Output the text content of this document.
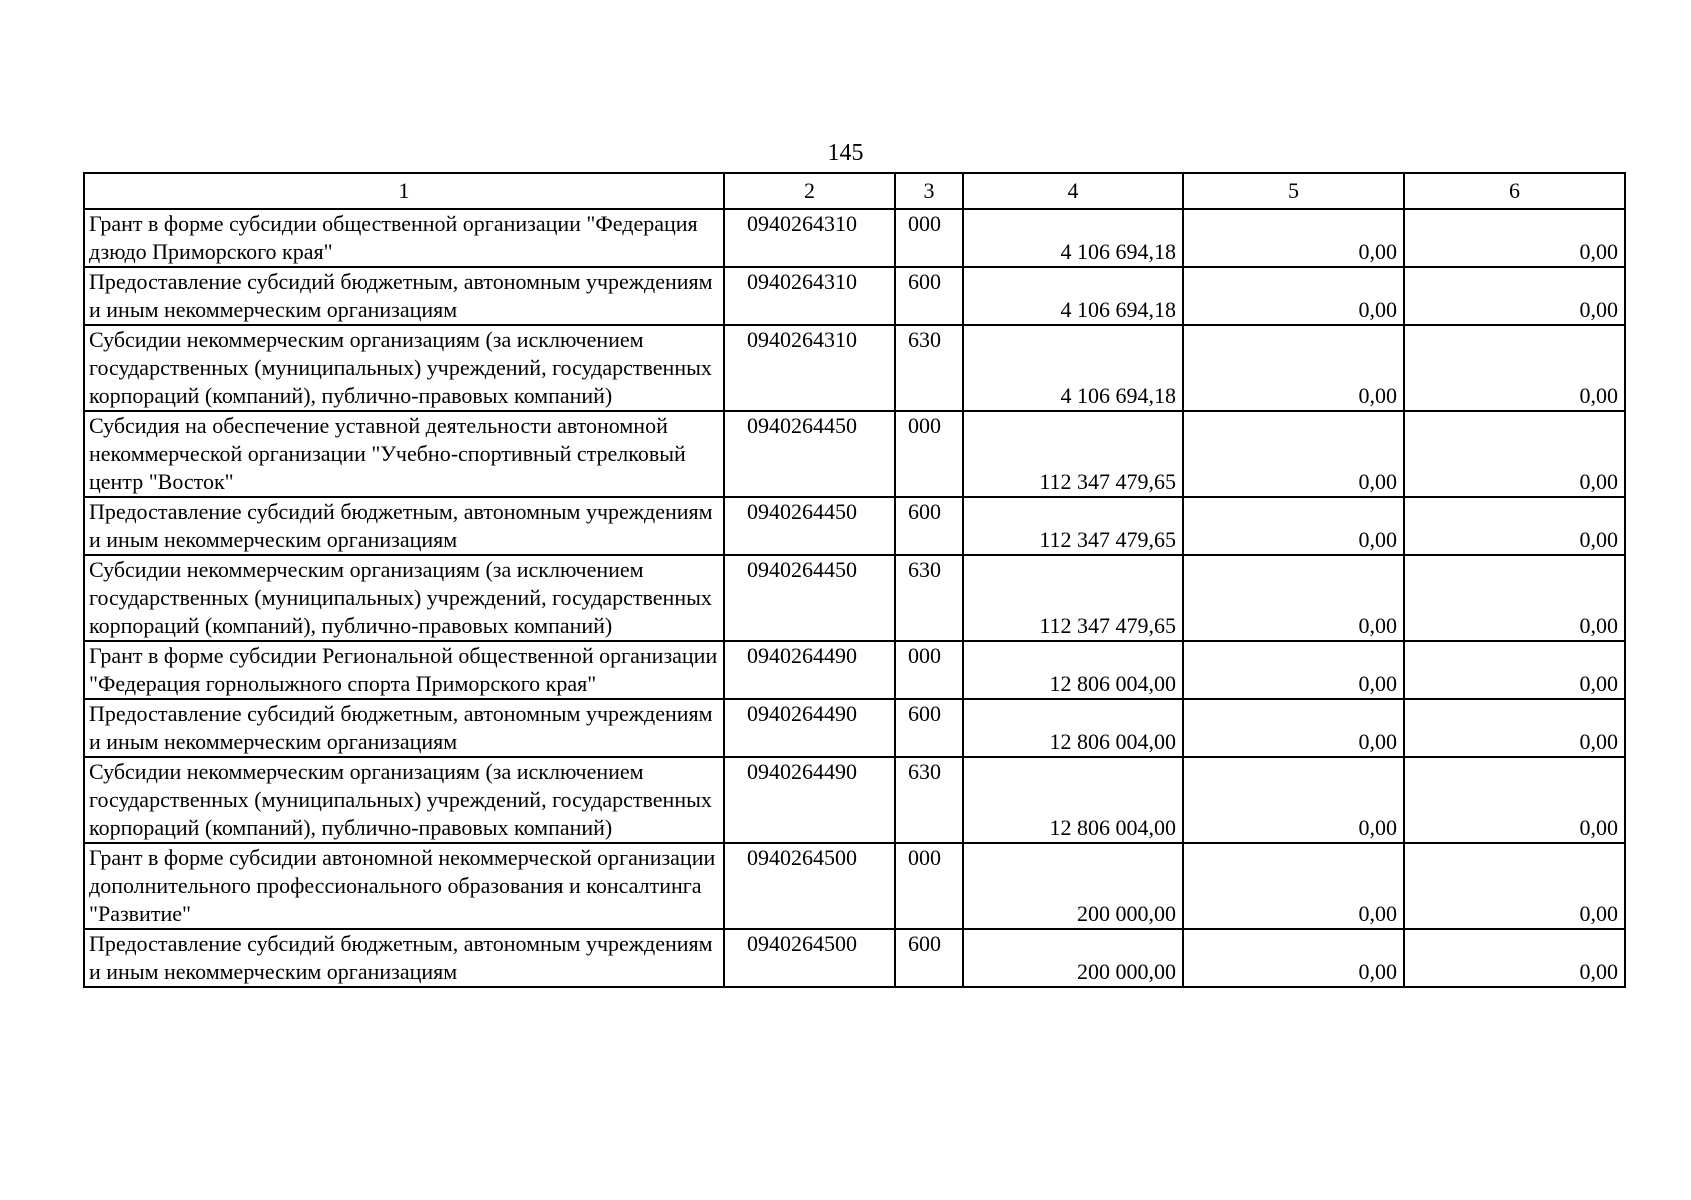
145
1	2	3	4	5	6
Грант в форме субсидии общественной организации "Федерация дзюдо Приморского края"	0940264310	000	4 106 694,18	0,00	0,00
Предоставление субсидий бюджетным, автономным учреждениям и иным некоммерческим организациям	0940264310	600	4 106 694,18	0,00	0,00
Субсидии некоммерческим организациям (за исключением государственных (муниципальных) учреждений, государственных корпораций (компаний), публично-правовых компаний)	0940264310	630	4 106 694,18	0,00	0,00
Субсидия на обеспечение уставной деятельности автономной некоммерческой организации "Учебно-спортивный стрелковый центр "Восток"	0940264450	000	112 347 479,65	0,00	0,00
Предоставление субсидий бюджетным, автономным учреждениям и иным некоммерческим организациям	0940264450	600	112 347 479,65	0,00	0,00
Субсидии некоммерческим организациям (за исключением государственных (муниципальных) учреждений, государственных корпораций (компаний), публично-правовых компаний)	0940264450	630	112 347 479,65	0,00	0,00
Грант в форме субсидии Региональной общественной организации "Федерация горнолыжного спорта Приморского края"	0940264490	000	12 806 004,00	0,00	0,00
Предоставление субсидий бюджетным, автономным учреждениям и иным некоммерческим организациям	0940264490	600	12 806 004,00	0,00	0,00
Субсидии некоммерческим организациям (за исключением государственных (муниципальных) учреждений, государственных корпораций (компаний), публично-правовых компаний)	0940264490	630	12 806 004,00	0,00	0,00
Грант в форме субсидии автономной некоммерческой организации дополнительного профессионального образования и консалтинга "Развитие"	0940264500	000	200 000,00	0,00	0,00
Предоставление субсидий бюджетным, автономным учреждениям и иным некоммерческим организациям	0940264500	600	200 000,00	0,00	0,00
